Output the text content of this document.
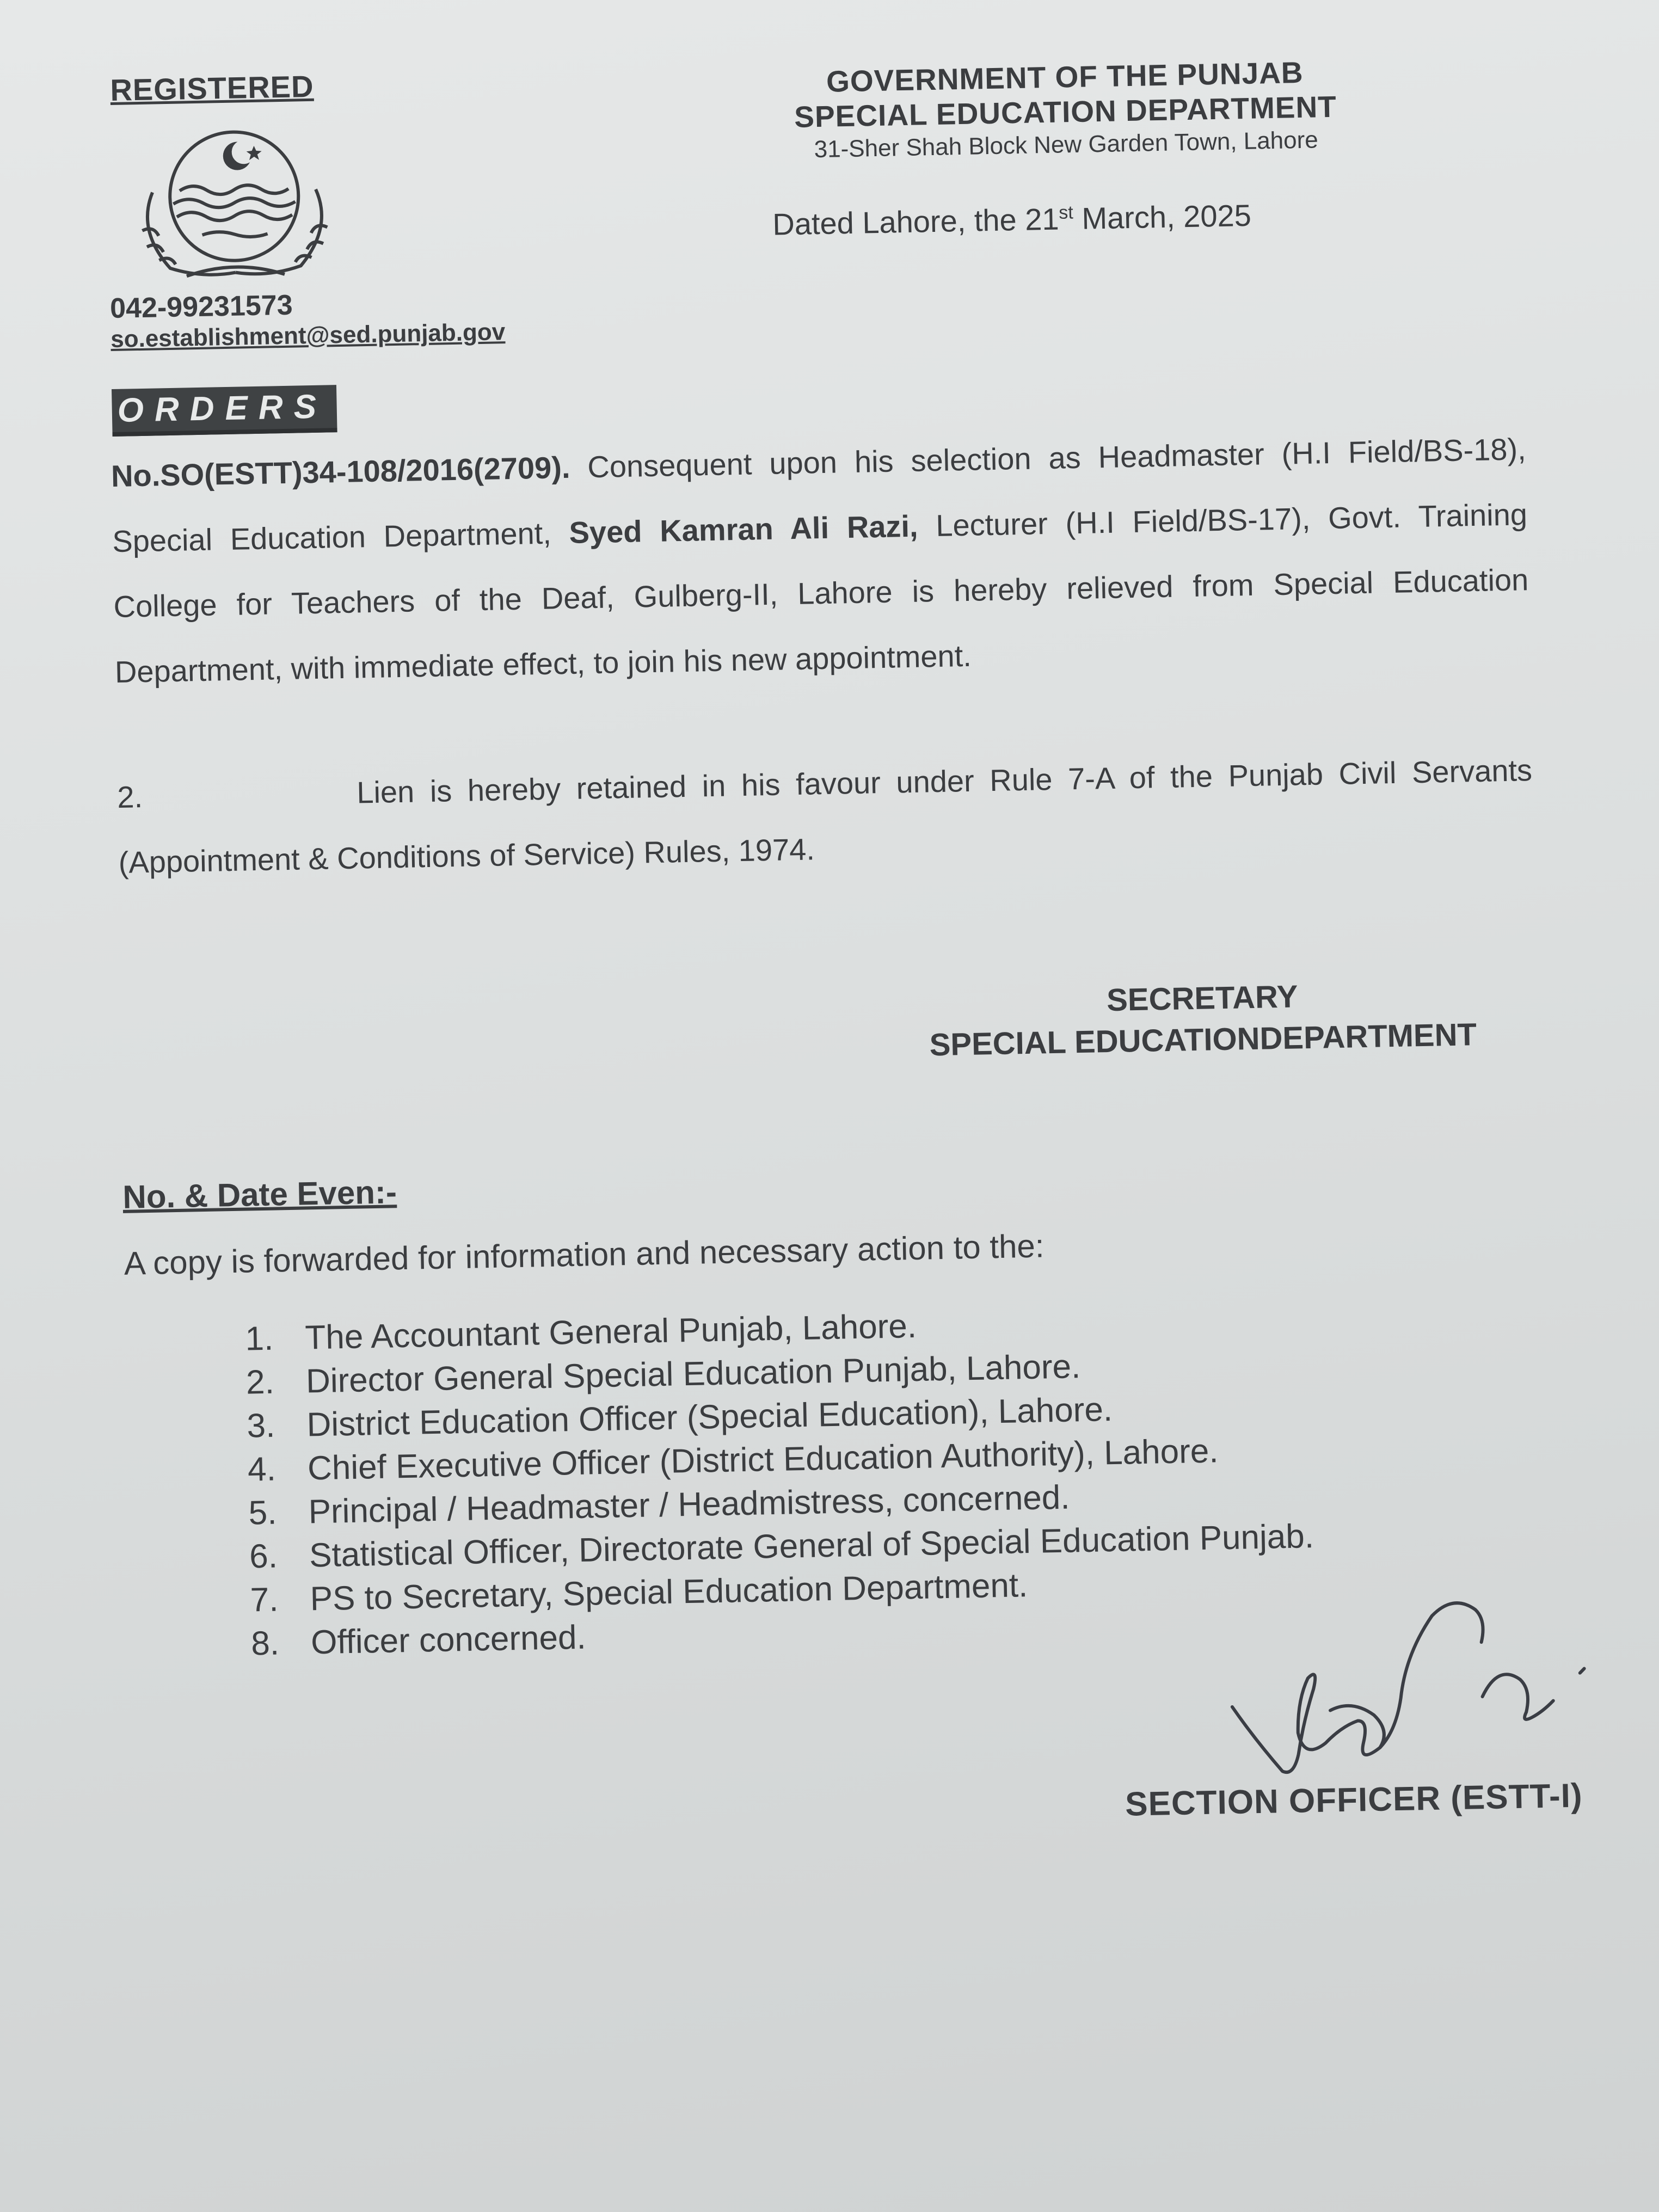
REGISTERED
042-99231573
so.establishment@sed.punjab.gov
GOVERNMENT OF THE PUNJAB
SPECIAL EDUCATION DEPARTMENT
31-Sher Shah Block New Garden Town, Lahore
Dated Lahore, the 21st March, 2025
ORDERS
No.SO(ESTT)34-108/2016(2709). Consequent upon his selection as Headmaster (H.I Field/BS-18), Special Education Department, Syed Kamran Ali Razi, Lecturer (H.I Field/BS-17), Govt. Training College for Teachers of the Deaf, Gulberg-II, Lahore is hereby relieved from Special Education Department, with immediate effect, to join his new appointment.
2.	Lien is hereby retained in his favour under Rule 7-A of the Punjab Civil Servants (Appointment & Conditions of Service) Rules, 1974.
SECRETARY
SPECIAL EDUCATIONDEPARTMENT
No. & Date Even:-
A copy is forwarded for information and necessary action to the:
1. The Accountant General Punjab, Lahore.
2. Director General Special Education Punjab, Lahore.
3. District Education Officer (Special Education), Lahore.
4. Chief Executive Officer (District Education Authority), Lahore.
5. Principal / Headmaster / Headmistress, concerned.
6. Statistical Officer, Directorate General of Special Education Punjab.
7. PS to Secretary, Special Education Department.
8. Officer concerned.
SECTION OFFICER (ESTT-I)
